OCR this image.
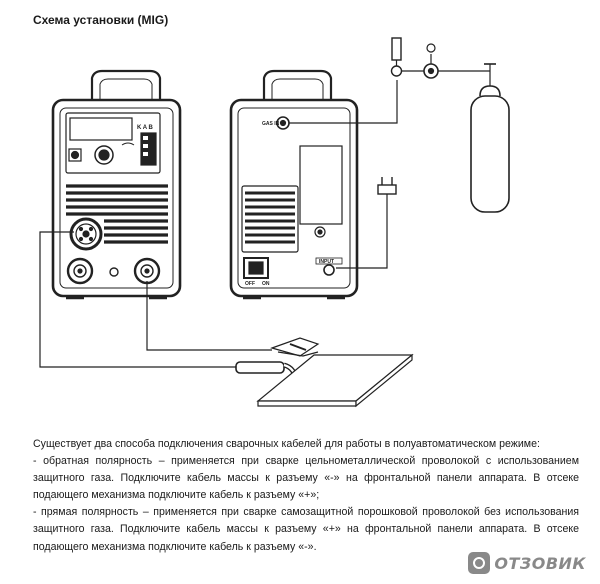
Схема установки (MIG)
K A B
GAS IN
OFF ON
INPUT

Существует два способа подключения сварочных кабелей для работы в полуавтоматическом режиме:

- обратная полярность – применяется при сварке цельнометаллической проволокой с использованием защитного газа. Подключите кабель массы к разъему «-» на фронтальной панели аппарата. В отсеке подающего механизма подключите кабель к разъему «+»;

- прямая полярность – применяется при сварке самозащитной порошковой проволокой без использования защитного газа. Подключите кабель массы к разъему «+» на фронтальной панели аппарата. В отсеке подающего механизма подключите кабель к разъему «-».

ОТЗОВИК
